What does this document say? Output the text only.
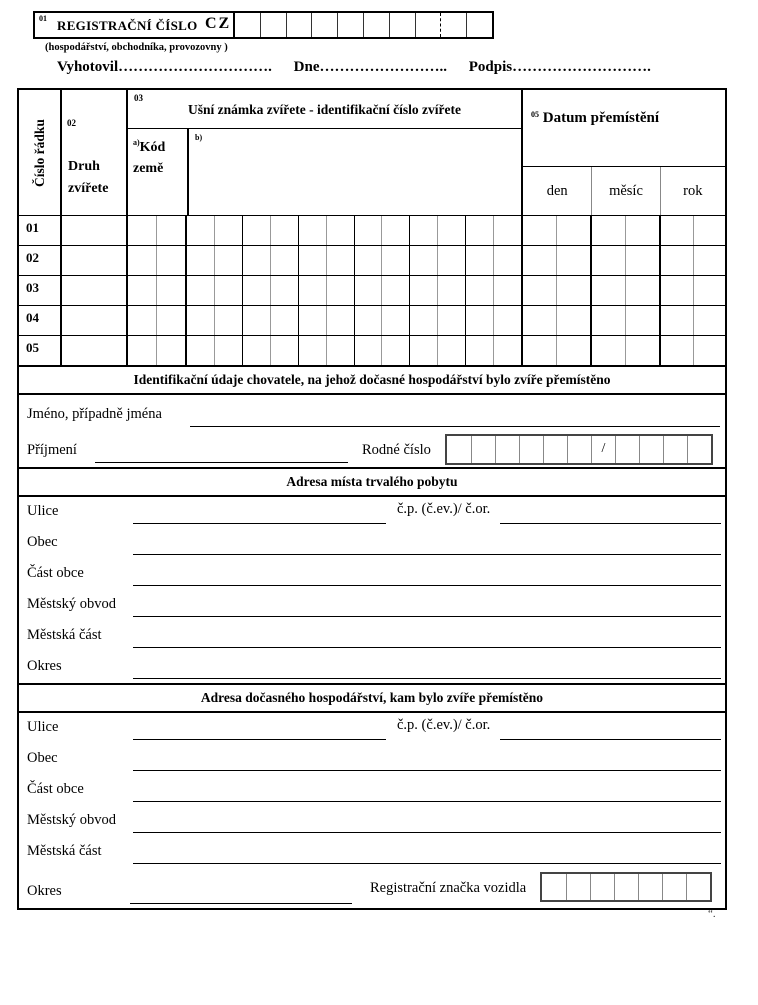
01 REGISTRAČNÍ ČÍSLO CZ
(hospodářství, obchodníka, provozovny )
Vyhotovil…………………………. Dne…………………….. Podpis……………………….
Číslo řádku 02
Druh zvířete
03
Ušní známka zvířete - identifikační číslo zvířete
$^{a)}$Kód země
$^{b)}$
$^{05}$ Datum přemístění
den	měsíc	rok
01
02
03
04
05
Identifikační údaje chovatele, na jehož dočasné hospodářství bylo zvíře přemístěno
Jméno, případně jména
Příjmení	Rodné číslo	/
Adresa místa trvalého pobytu
Ulice	č.p. (č.ev.)/ č.or.
Obec
Část obce
Městský obvod
Městská část
Okres
Adresa dočasného hospodářství, kam bylo zvíře přemístěno
Ulice	č.p. (č.ev.)/ č.or.
Obec
Část obce
Městský obvod
Městská část
Okres	Registrační značka vozidla
“.
